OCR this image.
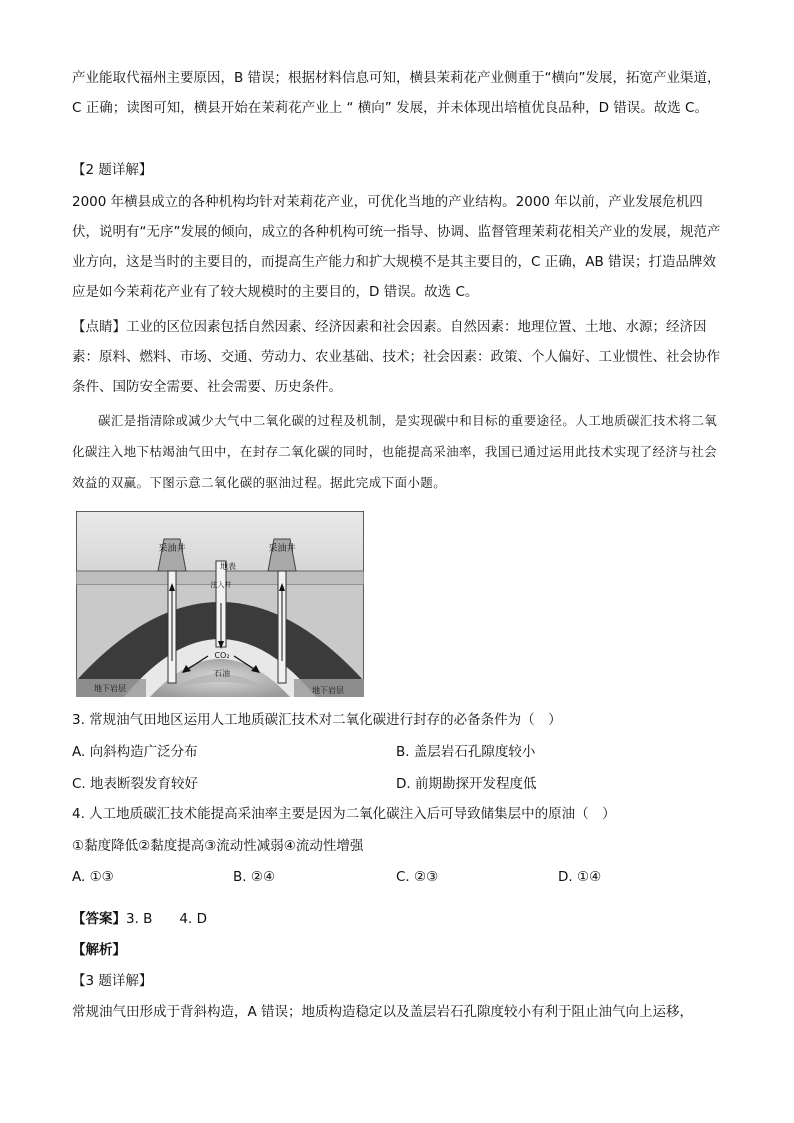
产业能取代福州主要原因，B 错误；根据材料信息可知，横县茉莉花产业侧重于“横向”发展，拓宽产业渠道，C 正确；读图可知，横县开始在茉莉花产业上 “ 横向” 发展，并未体现出培植优良品种，D 错误。故选 C。

【2 题详解】

2000 年横县成立的各种机构均针对茉莉花产业，可优化当地的产业结构。2000 年以前，产业发展危机四伏，说明有“无序”发展的倾向，成立的各种机构可统一指导、协调、监督管理茉莉花相关产业的发展，规范产业方向，这是当时的主要目的，而提高生产能力和扩大规模不是其主要目的，C 正确，AB 错误；打造品牌效应是如今茉莉花产业有了较大规模时的主要目的，D 错误。故选 C。

【点睛】工业的区位因素包括自然因素、经济因素和社会因素。自然因素：地理位置、土地、水源；经济因素：原料、燃料、市场、交通、劳动力、农业基础、技术；社会因素：政策、个人偏好、工业惯性、社会协作条件、国防安全需要、社会需要、历史条件。

碳汇是指清除或减少大气中二氧化碳的过程及机制，是实现碳中和目标的重要途径。人工地质碳汇技术将二氧化碳注入地下枯竭油气田中，在封存二氧化碳的同时，也能提高采油率，我国已通过运用此技术实现了经济与社会效益的双赢。下图示意二氧化碳的驱油过程。据此完成下面小题。

采油井	采油井
地表
注入井
CO₂
石油
地下岩层	地下岩层
3. 常规油气田地区运用人工地质碳汇技术对二氧化碳进行封存的必备条件为（　）
A. 向斜构造广泛分布	B. 盖层岩石孔隙度较小
C. 地表断裂发育较好	D. 前期勘探开发程度低
4. 人工地质碳汇技术能提高采油率主要是因为二氧化碳注入后可导致储集层中的原油（　）
①黏度降低②黏度提高③流动性减弱④流动性增强
A. ①③	B. ②④	C. ②③	D. ①④
【答案】3. B　　4. D
【解析】
【3 题详解】
常规油气田形成于背斜构造，A 错误；地质构造稳定以及盖层岩石孔隙度较小有利于阻止油气向上运移，
